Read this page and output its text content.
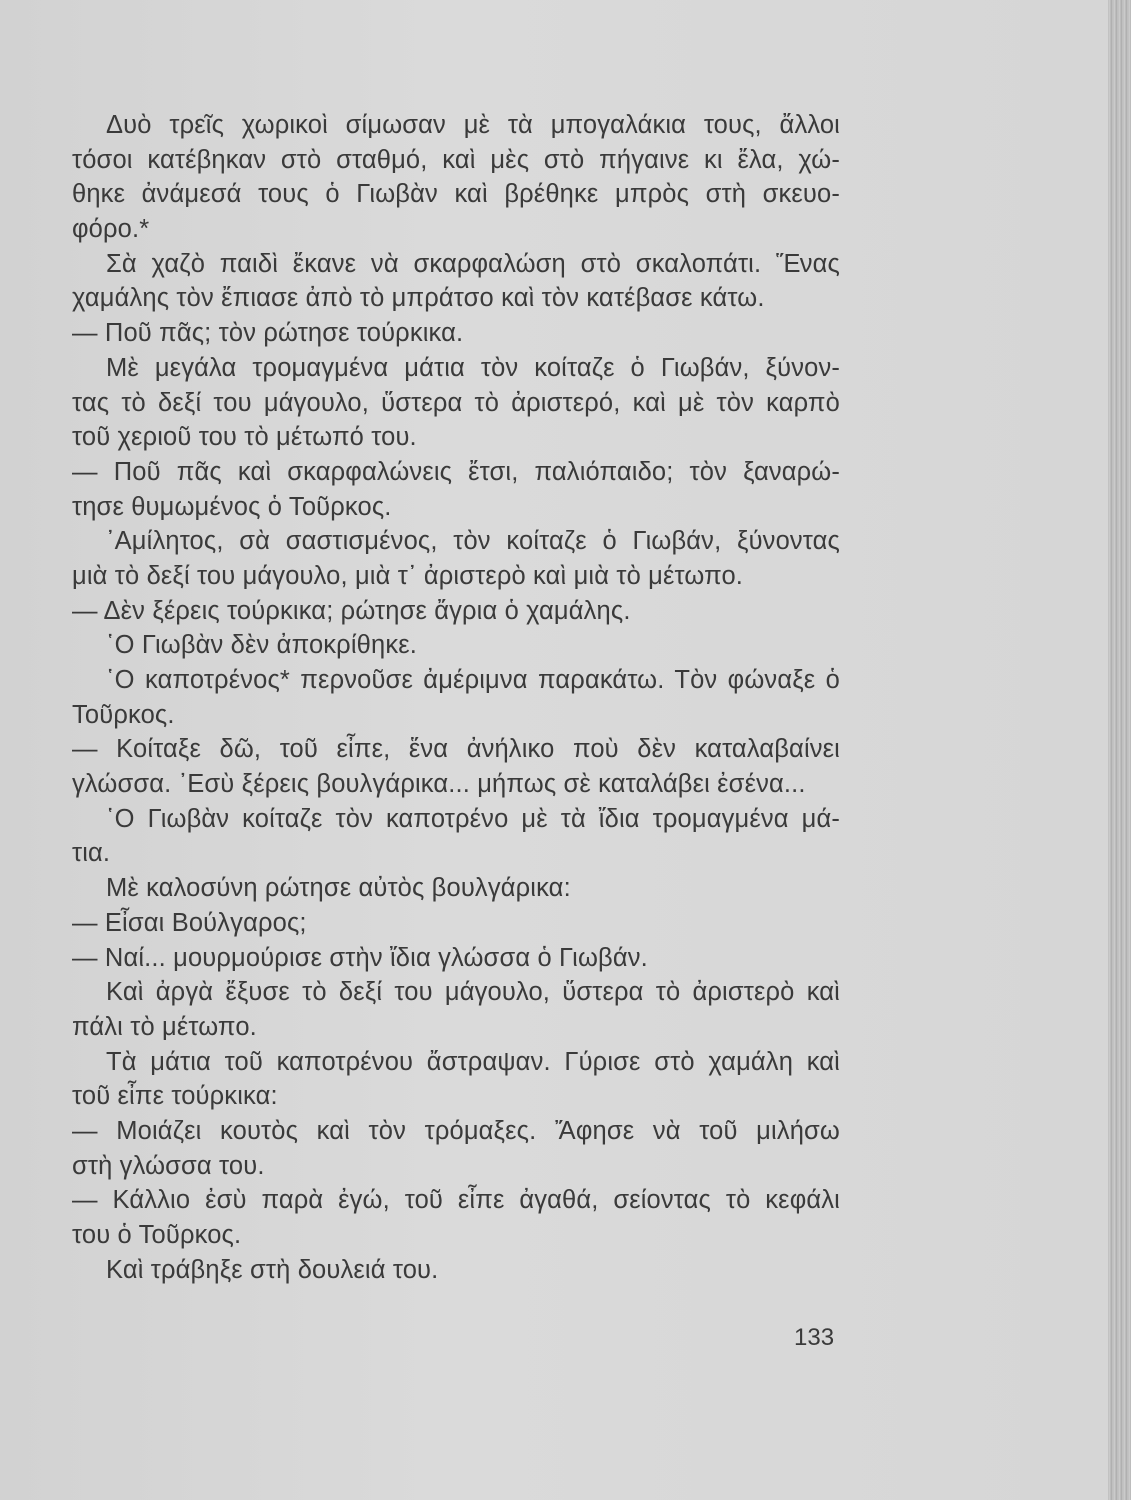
Δυὸ τρεῖς χωρικοὶ σίμωσαν μὲ τὰ μπογαλάκια τους, ἄλλοι
τόσοι κατέβηκαν στὸ σταθμό, καὶ μὲς στὸ πήγαινε κι ἔλα, χώ-
θηκε ἀνάμεσά τους ὁ Γιωβὰν καὶ βρέθηκε μπρὸς στὴ σκευο-
φόρο.*
Σὰ χαζὸ παιδὶ ἔκανε νὰ σκαρφαλώση στὸ σκαλοπάτι. Ἕνας
χαμάλης τὸν ἔπιασε ἀπὸ τὸ μπράτσο καὶ τὸν κατέβασε κάτω.
— Ποῦ πᾶς; τὸν ρώτησε τούρκικα.
Μὲ μεγάλα τρομαγμένα μάτια τὸν κοίταζε ὁ Γιωβάν, ξύνον-
τας τὸ δεξί του μάγουλο, ὕστερα τὸ ἀριστερό, καὶ μὲ τὸν καρπὸ
τοῦ χεριοῦ του τὸ μέτωπό του.
— Ποῦ πᾶς καὶ σκαρφαλώνεις ἔτσι, παλιόπαιδο; τὸν ξαναρώ-
τησε θυμωμένος ὁ Τοῦρκος.
᾿Αμίλητος, σὰ σαστισμένος, τὸν κοίταζε ὁ Γιωβάν, ξύνοντας
μιὰ τὸ δεξί του μάγουλο, μιὰ τ᾿ ἀριστερὸ καὶ μιὰ τὸ μέτωπο.
— Δὲν ξέρεις τούρκικα; ρώτησε ἄγρια ὁ χαμάλης.
῾Ο Γιωβὰν δὲν ἀποκρίθηκε.
῾Ο καποτρένος* περνοῦσε ἀμέριμνα παρακάτω. Τὸν φώναξε ὁ
Τοῦρκος.
— Κοίταξε δῶ, τοῦ εἶπε, ἕνα ἀνήλικο ποὺ δὲν καταλαβαίνει
γλώσσα. ᾿Εσὺ ξέρεις βουλγάρικα... μήπως σὲ καταλάβει ἐσένα...
῾Ο Γιωβὰν κοίταζε τὸν καποτρένο μὲ τὰ ἴδια τρομαγμένα μά-
τια.
Μὲ καλοσύνη ρώτησε αὐτὸς βουλγάρικα:
— Εἶσαι Βούλγαρος;
— Ναί... μουρμούρισε στὴν ἴδια γλώσσα ὁ Γιωβάν.
Καὶ ἀργὰ ἔξυσε τὸ δεξί του μάγουλο, ὕστερα τὸ ἀριστερὸ καὶ
πάλι τὸ μέτωπο.
Τὰ μάτια τοῦ καποτρένου ἄστραψαν. Γύρισε στὸ χαμάλη καὶ
τοῦ εἶπε τούρκικα:
— Μοιάζει κουτὸς καὶ τὸν τρόμαξες. Ἄφησε νὰ τοῦ μιλήσω
στὴ γλώσσα του.
— Κάλλιο ἐσὺ παρὰ ἐγώ, τοῦ εἶπε ἀγαθά, σείοντας τὸ κεφάλι
του ὁ Τοῦρκος.
Καὶ τράβηξε στὴ δουλειά του.
133
